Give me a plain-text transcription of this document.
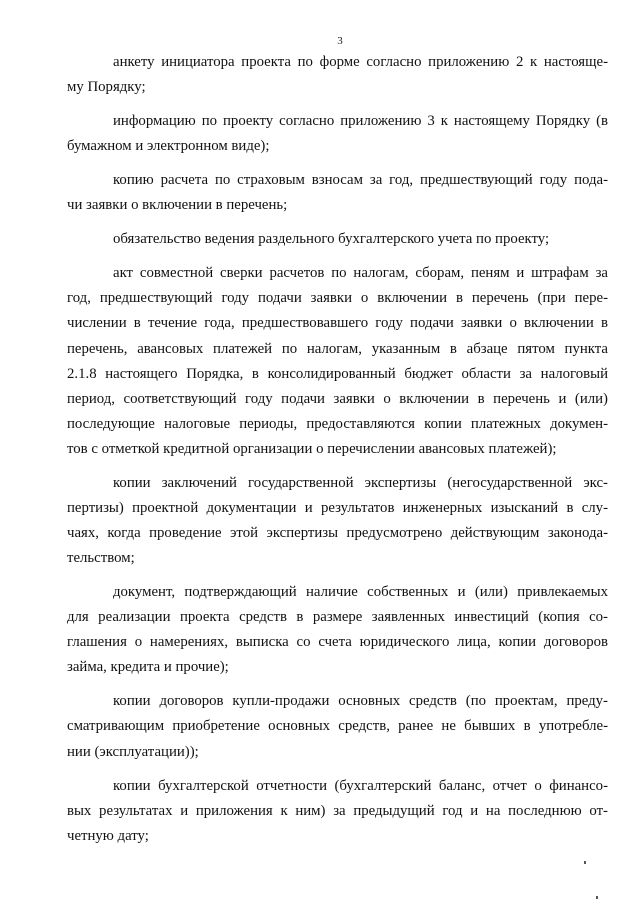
3
анкету инициатора проекта по форме согласно приложению 2 к настояще-
му Порядку;
информацию по проекту согласно приложению 3 к настоящему Порядку (в
бумажном и электронном виде);
копию расчета по страховым взносам за год, предшествующий году пода-
чи заявки о включении в перечень;
обязательство ведения раздельного бухгалтерского учета по проекту;
акт совместной сверки расчетов по налогам, сборам, пеням и штрафам за
год, предшествующий году подачи заявки о включении в перечень (при пере-
числении в течение года, предшествовавшего году подачи заявки о включении в
перечень, авансовых платежей по налогам, указанным в абзаце пятом пункта
2.1.8 настоящего Порядка, в консолидированный бюджет области за налоговый
период, соответствующий году подачи заявки о включении в перечень и (или)
последующие налоговые периоды, предоставляются копии платежных докумен-
тов с отметкой кредитной организации о перечислении авансовых платежей);
копии заключений государственной экспертизы (негосударственной экс-
пертизы) проектной документации и результатов инженерных изысканий в слу-
чаях, когда проведение этой экспертизы предусмотрено действующим законода-
тельством;
документ, подтверждающий наличие собственных и (или) привлекаемых
для реализации проекта средств в размере заявленных инвестиций (копия со-
глашения о намерениях, выписка со счета юридического лица, копии договоров
займа, кредита и прочие);
копии договоров купли-продажи основных средств (по проектам, преду-
сматривающим приобретение основных средств, ранее не бывших в употребле-
нии (эксплуатации));
копии бухгалтерской отчетности (бухгалтерский баланс, отчет о финансо-
вых результатах и приложения к ним) за предыдущий год и на последнюю от-
четную дату;
